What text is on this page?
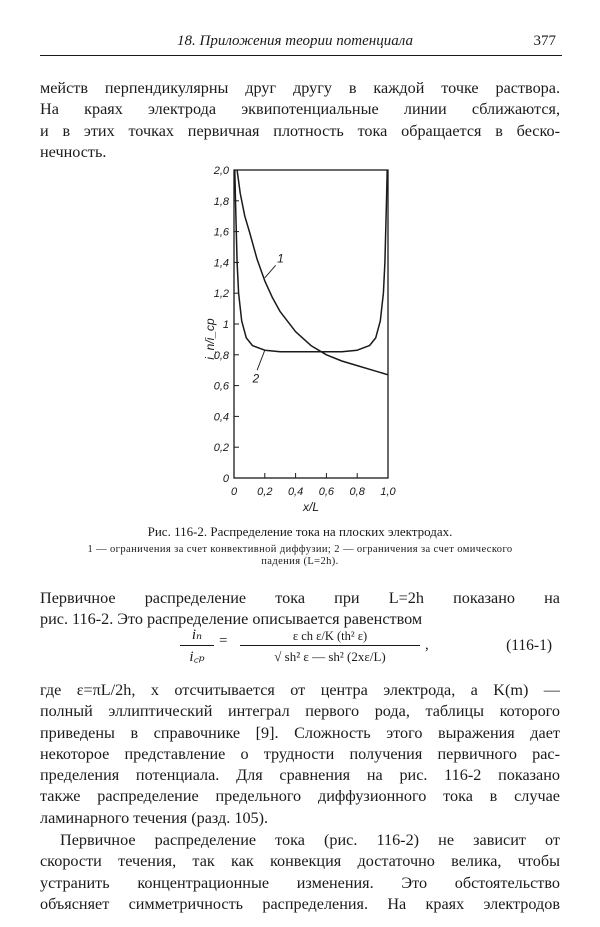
18. Приложения теории потенциала	377
мейств перпендикулярны друг другу в каждой точке раствора.
На краях электрода эквипотенциальные линии сближаются,
и в этих точках первичная плотность тока обращается в беско-
нечность.
0
0,2
0,4
0,6
0,8
1
1,2
1,4
1,6
1,8
2,0
0 0,2 0,4 0,6 0,8 1,0
x/L
i_n/i_cp
1
2
Рис. 116-2. Распределение тока на плоских электродах.
1 — ограничения за счет конвективной диффузии; 2 — ограничения за счет омического
падения (L=2h).
Первичное распределение тока при L=2h показано на
рис. 116-2. Это распределение описывается равенством
iₙ
i꜀ₚ
=	ε ch ε/K (th² ε)
√ sh² ε — sh² (2xε/L)
,	(116-1)
где ε=πL/2h, x отсчитывается от центра электрода, а K(m) —
полный эллиптический интеграл первого рода, таблицы которого
приведены в справочнике [9]. Сложность этого выражения дает
некоторое представление о трудности получения первичного рас-
пределения потенциала. Для сравнения на рис. 116-2 показано
также распределение предельного диффузионного тока в случае
ламинарного течения (разд. 105).
Первичное распределение тока (рис. 116-2) не зависит от
скорости течения, так как конвекция достаточно велика, чтобы
устранить концентрационные изменения. Это обстоятельство
объясняет симметричность распределения. На краях электродов
